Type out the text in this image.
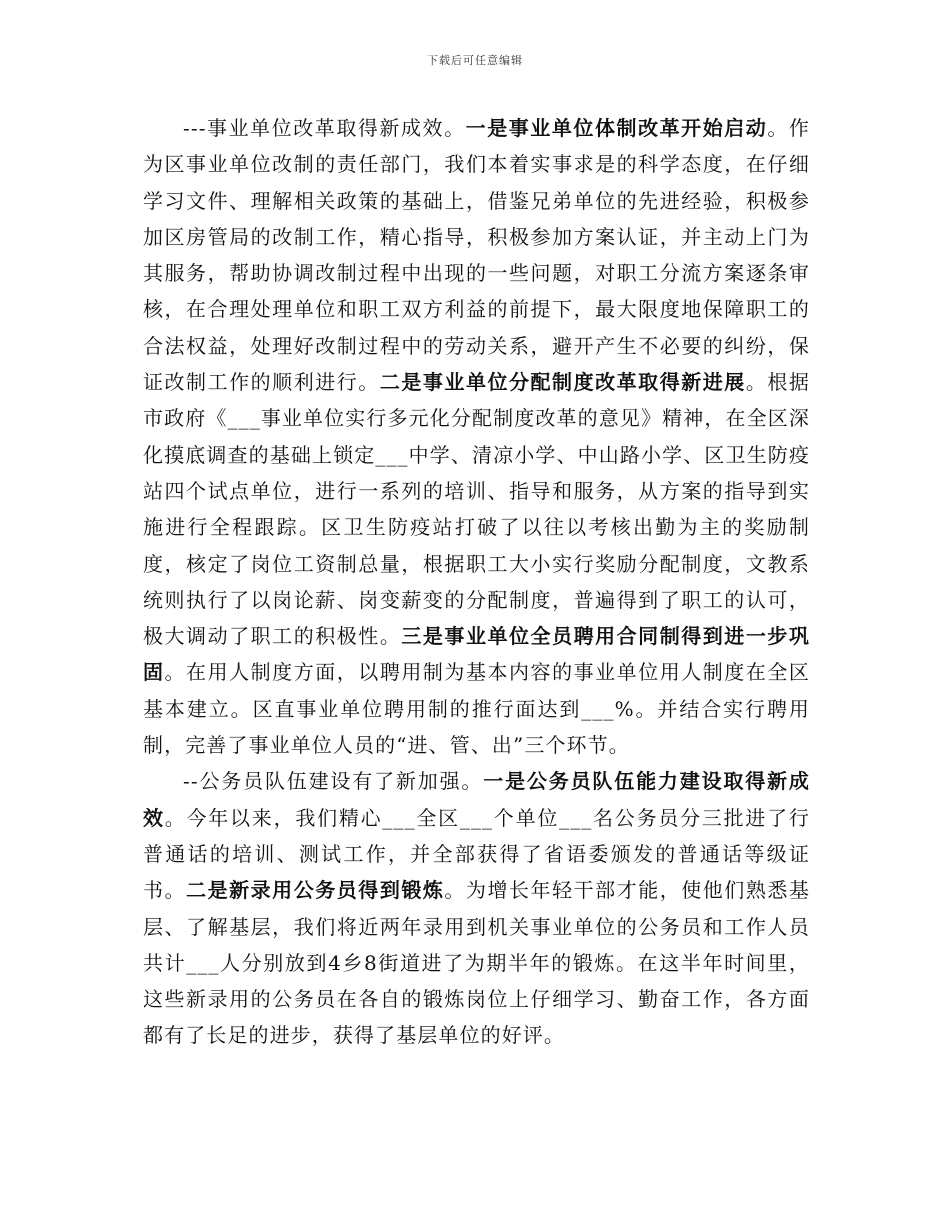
下载后可任意编辑

---事业单位改革取得新成效。一是事业单位体制改革开始启动。作为区事业单位改制的责任部门，我们本着实事求是的科学态度，在仔细学习文件、理解相关政策的基础上，借鉴兄弟单位的先进经验，积极参加区房管局的改制工作，精心指导，积极参加方案认证，并主动上门为其服务，帮助协调改制过程中出现的一些问题，对职工分流方案逐条审核，在合理处理单位和职工双方利益的前提下，最大限度地保障职工的合法权益，处理好改制过程中的劳动关系，避开产生不必要的纠纷，保证改制工作的顺利进行。二是事业单位分配制度改革取得新进展。根据市政府《___事业单位实行多元化分配制度改革的意见》精神，在全区深化摸底调查的基础上锁定___中学、清凉小学、中山路小学、区卫生防疫站四个试点单位，进行一系列的培训、指导和服务，从方案的指导到实施进行全程跟踪。区卫生防疫站打破了以往以考核出勤为主的奖励制度，核定了岗位工资制总量，根据职工大小实行奖励分配制度，文教系统则执行了以岗论薪、岗变薪变的分配制度，普遍得到了职工的认可，极大调动了职工的积极性。三是事业单位全员聘用合同制得到进一步巩固。在用人制度方面，以聘用制为基本内容的事业单位用人制度在全区基本建立。区直事业单位聘用制的推行面达到___%。并结合实行聘用制，完善了事业单位人员的“进、管、出”三个环节。

--公务员队伍建设有了新加强。一是公务员队伍能力建设取得新成效。今年以来，我们精心___全区___个单位___名公务员分三批进了行普通话的培训、测试工作，并全部获得了省语委颁发的普通话等级证书。二是新录用公务员得到锻炼。为增长年轻干部才能，使他们熟悉基层、了解基层，我们将近两年录用到机关事业单位的公务员和工作人员共计___人分别放到4乡8街道进了为期半年的锻炼。在这半年时间里，这些新录用的公务员在各自的锻炼岗位上仔细学习、勤奋工作，各方面都有了长足的进步，获得了基层单位的好评。
